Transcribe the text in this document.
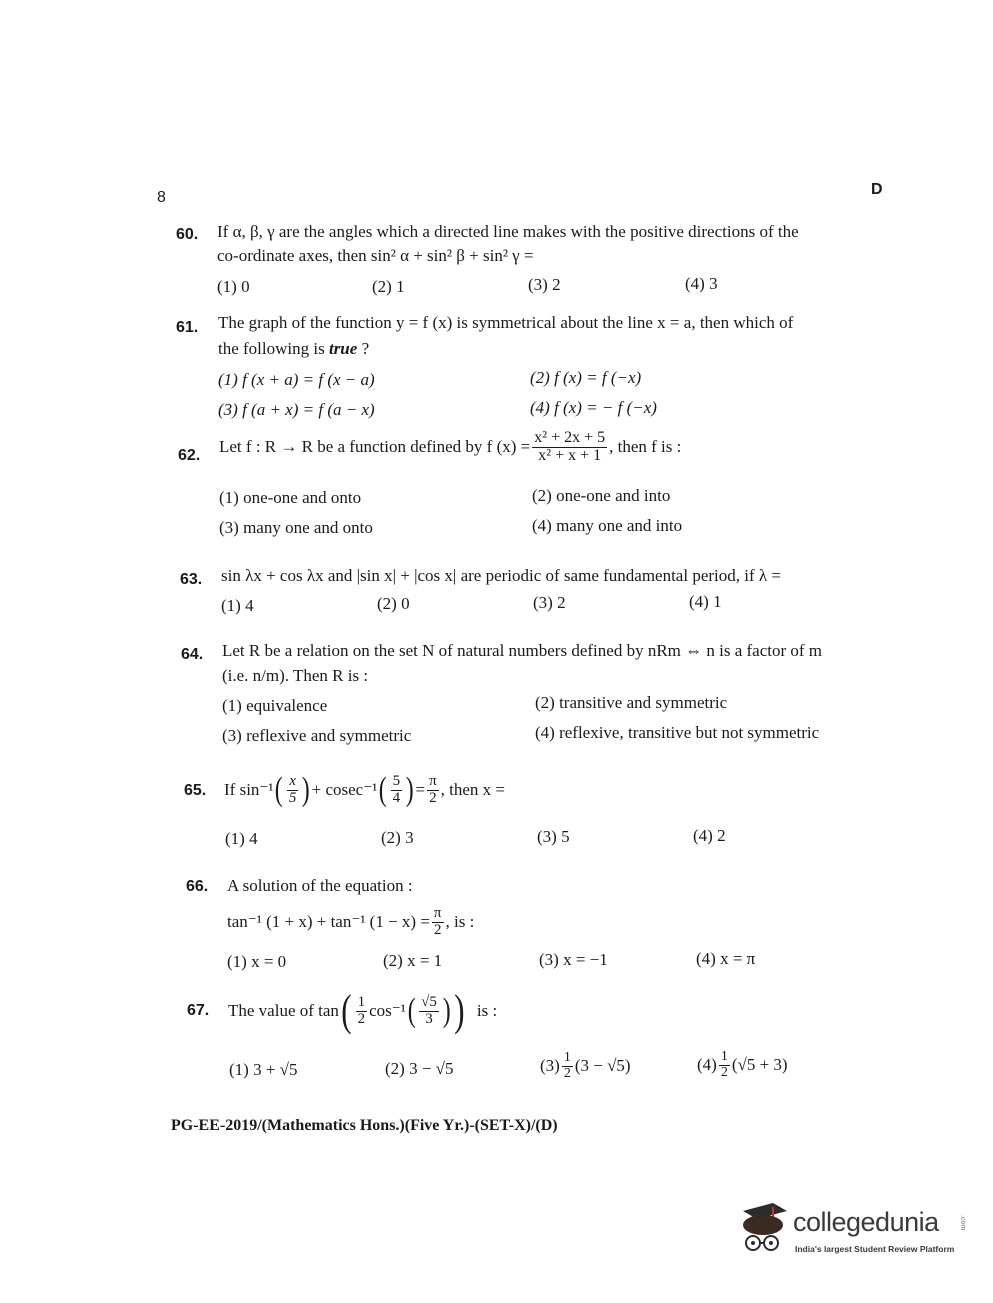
8	D
60. If α, β, γ are the angles which a directed line makes with the positive directions of the
co-ordinate axes, then sin² α + sin² β + sin² γ =
(1) 0	(2) 1	(3) 2	(4) 3
61. The graph of the function y = f (x) is symmetrical about the line x = a, then which of
the following is true ?
(1) f (x + a) = f (x − a)	(2) f (x) = f (−x)
(3) f (a + x) = f (a − x)	(4) f (x) = − f (−x)
62. Let f : R → R be a function defined by f $(x) = \frac{\text{x² + 2x + 5}}{\text{x² + x + 1}}$ , then f is :
(1) one-one and onto	(2) one-one and into
(3) many one and onto	(4) many one and into
63. sin λx + cos λx and |sin x| + |cos x| are periodic of same fundamental period, if λ =
(1) 4	(2) 0	(3) 2	(4) 1
64. Let R be a relation on the set N of natural numbers defined by nRm ⇔ n is a factor of m
(i.e. n/m). Then R is :
(1) equivalence	(2) transitive and symmetric
(3) reflexive and symmetric	(4) reflexive, transitive but not symmetric
65. If sin⁻¹ ( $\frac{x}{5}$ ) + cosec⁻¹ ( $\frac{5}{4}$ ) = $\frac{\pi}{2}$ , then x =
(1) 4	(2) 3	(3) 5	(4) 2
66. A solution of the equation :
tan⁻¹ (1 + x) + tan⁻¹ $(1 - x) = \frac{\pi}{2}$ , is :
(1) x = 0	(2) x = 1	(3) x = −1	(4) x = π
67. The value of tan ( $\frac{1}{2} \cos^{-1}$ ( $\frac{√5}{3}$ ) ) is :
(1) 3 + √5	(2) 3 − √5	$(3) \frac{1}{2} (3 - √5)$	$(4) \frac{1}{2} (√5 + 3)$
PG-EE-2019/(Mathematics Hons.)(Five Yr.)-(SET-X)/(D)
collegedunia	.com
India's largest Student Review Platform
